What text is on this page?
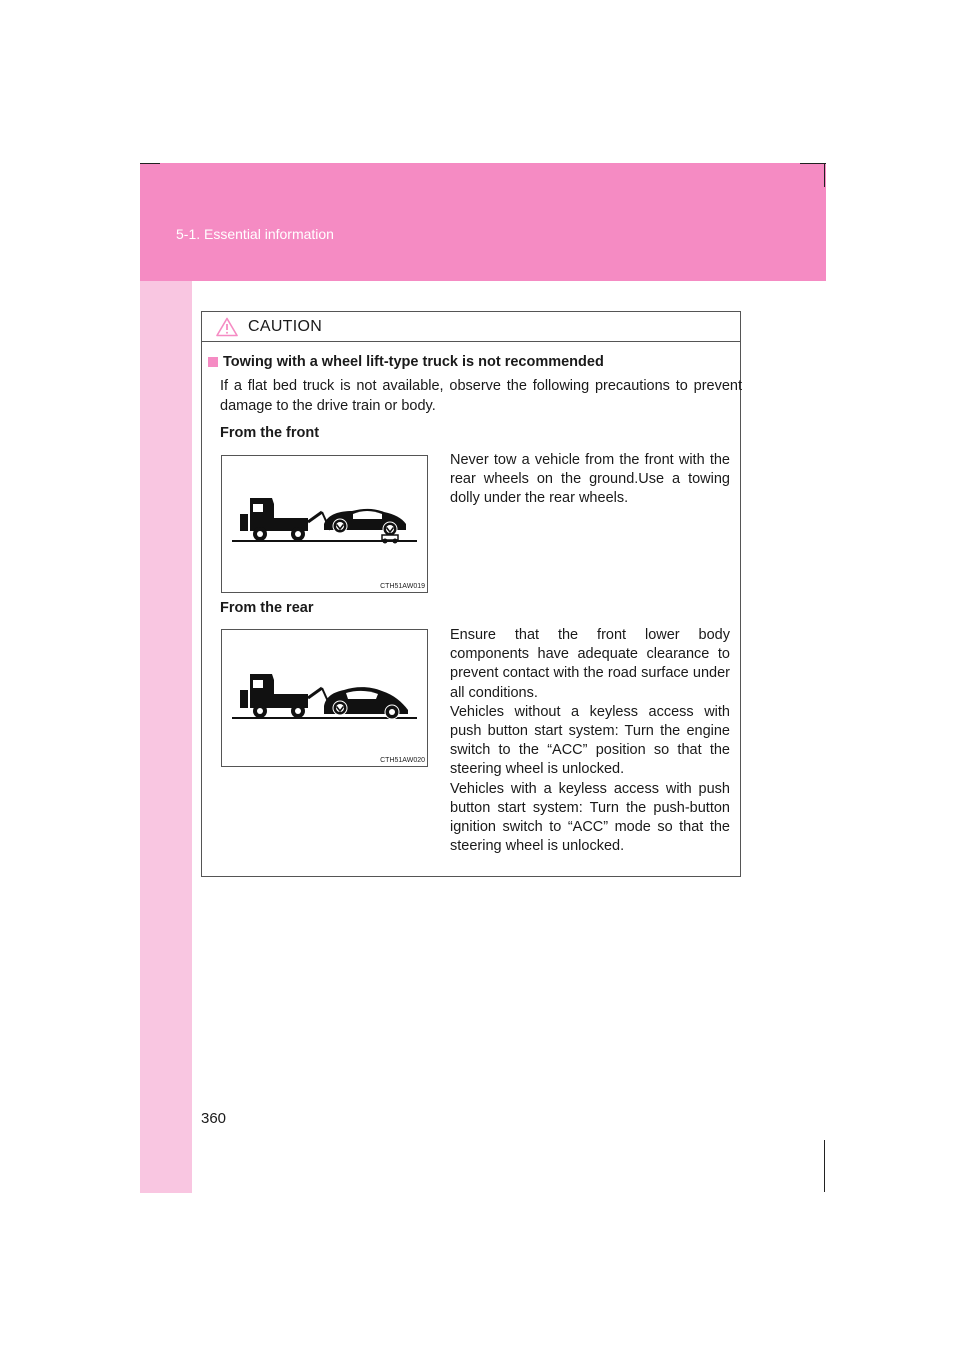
5-1. Essential information
CAUTION
Towing with a wheel lift-type truck is not recommended
If a flat bed truck is not available, observe the following precautions to prevent damage to the drive train or body.
From the front
CTH51AW019

Never tow a vehicle from the front with the rear wheels on the ground.Use a towing dolly under the rear wheels.

From the rear
CTH51AW020

Ensure that the front lower body components have adequate clearance to prevent contact with the road surface under all conditions.

Vehicles without a keyless access with push button start system: Turn the engine switch to the “ACC” position so that the steering wheel is unlocked.

Vehicles with a keyless access with push button start system: Turn the push-button ignition switch to “ACC” mode so that the steering wheel is unlocked.

360
